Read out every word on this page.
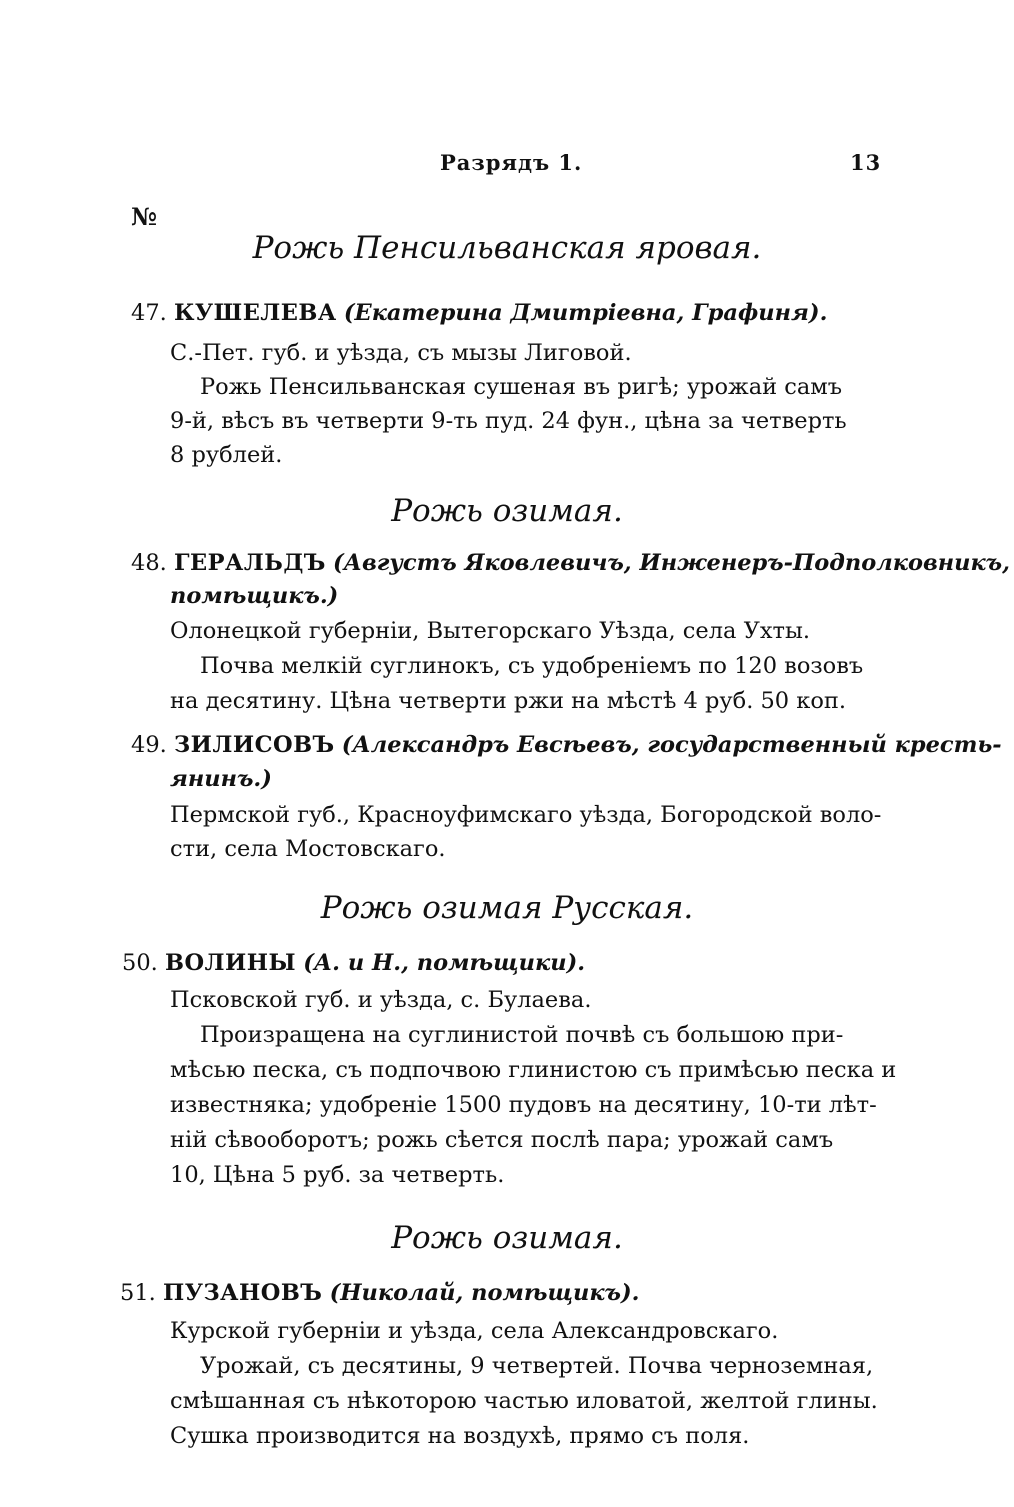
Разрядъ 1.	13
№
Рожь Пенсильванская яровая.
47. КУШЕЛЕВА (Екатерина Дмитріевна, Графиня).
С.-Пет. губ. и уѣзда, съ мызы Лиговой.
Рожь Пенсильванская сушеная въ ригѣ; урожай самъ
9-й, вѣсъ въ четверти 9-ть пуд. 24 фун., цѣна за четверть
8 рублей.
Рожь озимая.
48. ГЕРАЛЬДЪ (Августъ Яковлевичъ, Инженеръ-Подполковникъ,
помѣщикъ.)
Олонецкой губерніи, Вытегорскаго Уѣзда, села Ухты.
Почва мелкій суглинокъ, съ удобреніемъ по 120 возовъ
на десятину. Цѣна четверти ржи на мѣстѣ 4 руб. 50 коп.
49. ЗИЛИСОВЪ (Александръ Евсѣевъ, государственный кресть-
янинъ.)
Пермской губ., Красноуфимскаго уѣзда, Богородской воло-
сти, села Мостовскаго.
Рожь озимая Русская.
50. ВОЛИНЫ (А. и Н., помѣщики).
Псковской губ. и уѣзда, с. Булаева.
Произращена на суглинистой почвѣ съ большою при-
мѣсью песка, съ подпочвою глинистою съ примѣсью песка и
известняка; удобреніе 1500 пудовъ на десятину, 10-ти лѣт-
ній сѣвооборотъ; рожь сѣется послѣ пара; урожай самъ
10, Цѣна 5 руб. за четверть.
Рожь озимая.
51. ПУЗАНОВЪ (Николай, помѣщикъ).
Курской губерніи и уѣзда, села Александровскаго.
Урожай, съ десятины, 9 четвертей. Почва черноземная,
смѣшанная съ нѣкоторою частью иловатой, желтой глины.
Сушка производится на воздухѣ, прямо съ поля.
